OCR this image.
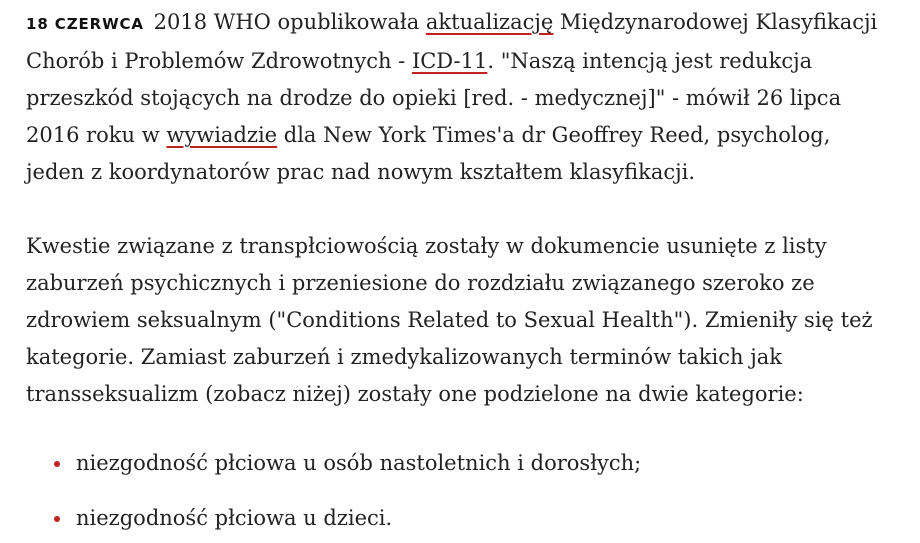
18 CZERWCA 2018 WHO opublikowała aktualizację Międzynarodowej Klasyfikacji Chorób i Problemów Zdrowotnych - ICD-11. "Naszą intencją jest redukcja przeszkód stojących na drodze do opieki [red. - medycznej]" - mówił 26 lipca 2016 roku w wywiadzie dla New York Times'a dr Geoffrey Reed, psycholog, jeden z koordynatorów prac nad nowym kształtem klasyfikacji.

Kwestie związane z transpłciowością zostały w dokumencie usunięte z listy zaburzeń psychicznych i przeniesione do rozdziału związanego szeroko ze zdrowiem seksualnym ("Conditions Related to Sexual Health"). Zmieniły się też kategorie. Zamiast zaburzeń i zmedykalizowanych terminów takich jak transseksualizm (zobacz niżej) zostały one podzielone na dwie kategorie:

niezgodność płciowa u osób nastoletnich i dorosłych;
niezgodność płciowa u dzieci.
